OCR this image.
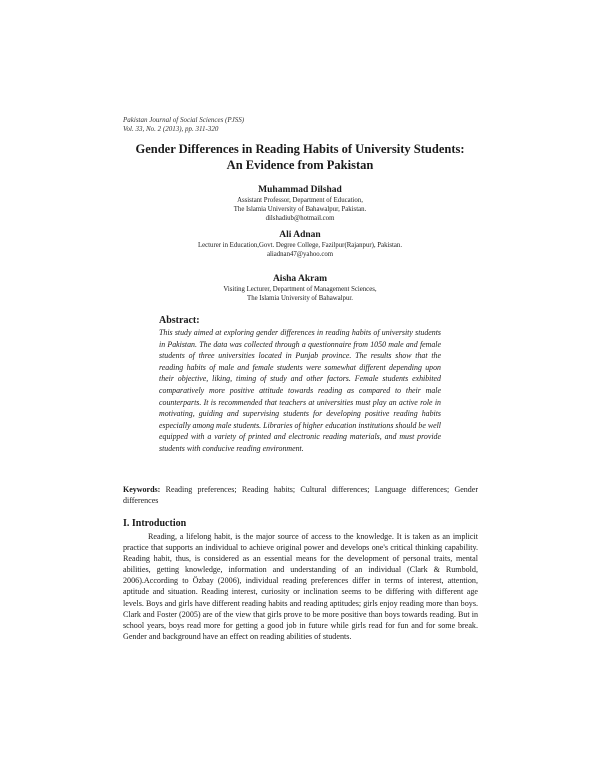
Pakistan Journal of Social Sciences (PJSS)
Vol. 33, No. 2 (2013), pp. 311-320
Gender Differences in Reading Habits of University Students:
An Evidence from Pakistan
Muhammad Dilshad
Assistant Professor, Department of Education,
The Islamia University of Bahawalpur, Pakistan.
dilshadiub@hotmail.com
Ali Adnan
Lecturer in Education,Govt. Degree College, Fazilpur(Rajanpur), Pakistan.
aliadnan47@yahoo.com
Aisha Akram
Visiting Lecturer, Department of Management Sciences,
The Islamia University of Bahawalpur.
Abstract:
This study aimed at exploring gender differences in reading habits of university students in Pakistan. The data was collected through a questionnaire from 1050 male and female students of three universities located in Punjab province. The results show that the reading habits of male and female students were somewhat different depending upon their objective, liking, timing of study and other factors. Female students exhibited comparatively more positive attitude towards reading as compared to their male counterparts. It is recommended that teachers at universities must play an active role in motivating, guiding and supervising students for developing positive reading habits especially among male students. Libraries of higher education institutions should be well equipped with a variety of printed and electronic reading materials, and must provide students with conducive reading environment.
Keywords: Reading preferences; Reading habits; Cultural differences; Language differences; Gender differences
I. Introduction
Reading, a lifelong habit, is the major source of access to the knowledge. It is taken as an implicit practice that supports an individual to achieve original power and develops one's critical thinking capability. Reading habit, thus, is considered as an essential means for the development of personal traits, mental abilities, getting knowledge, information and understanding of an individual (Clark & Rumbold, 2006).According to Özbay (2006), individual reading preferences differ in terms of interest, attention, aptitude and situation. Reading interest, curiosity or inclination seems to be differing with different age levels. Boys and girls have different reading habits and reading aptitudes; girls enjoy reading more than boys. Clark and Foster (2005) are of the view that girls prove to be more positive than boys towards reading. But in school years, boys read more for getting a good job in future while girls read for fun and for some break. Gender and background have an effect on reading abilities of students.
